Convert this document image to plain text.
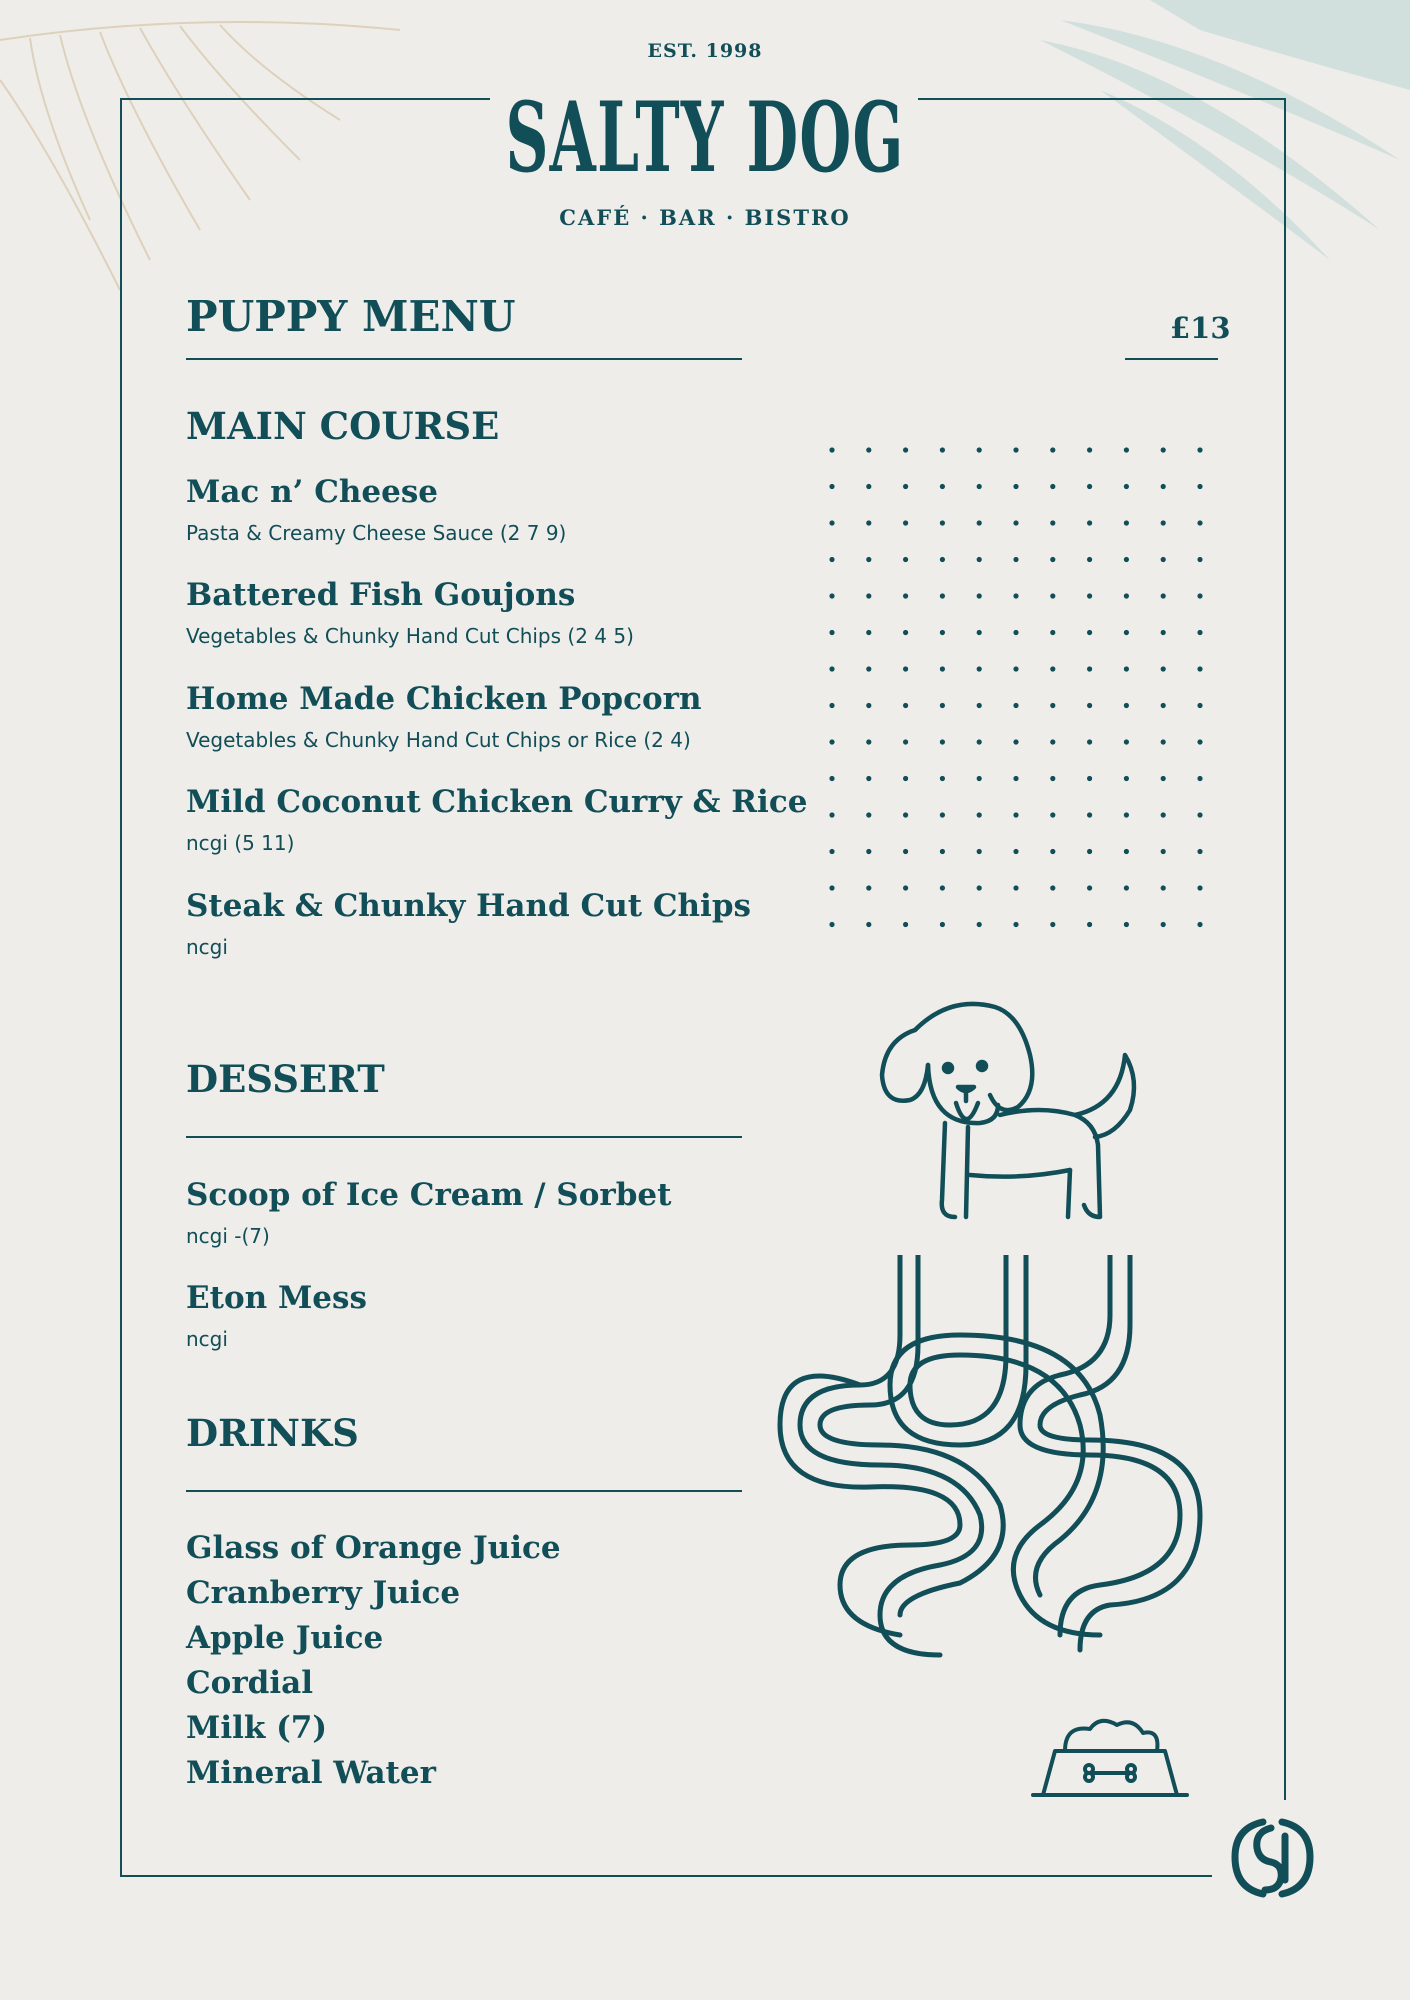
EST. 1998
SALTY DOG
CAFÉ · BAR · BISTRO
PUPPY MENU	£13
MAIN COURSE
Mac n’ Cheese
Pasta & Creamy Cheese Sauce (2 7 9)
Battered Fish Goujons
Vegetables & Chunky Hand Cut Chips (2 4 5)
Home Made Chicken Popcorn
Vegetables & Chunky Hand Cut Chips or Rice (2 4)
Mild Coconut Chicken Curry & Rice
ncgi (5 11)
Steak & Chunky Hand Cut Chips
ncgi
DESSERT
Scoop of Ice Cream / Sorbet
ncgi -(7)
Eton Mess
ncgi
DRINKS
Glass of Orange Juice
Cranberry Juice
Apple Juice
Cordial
Milk (7)
Mineral Water
